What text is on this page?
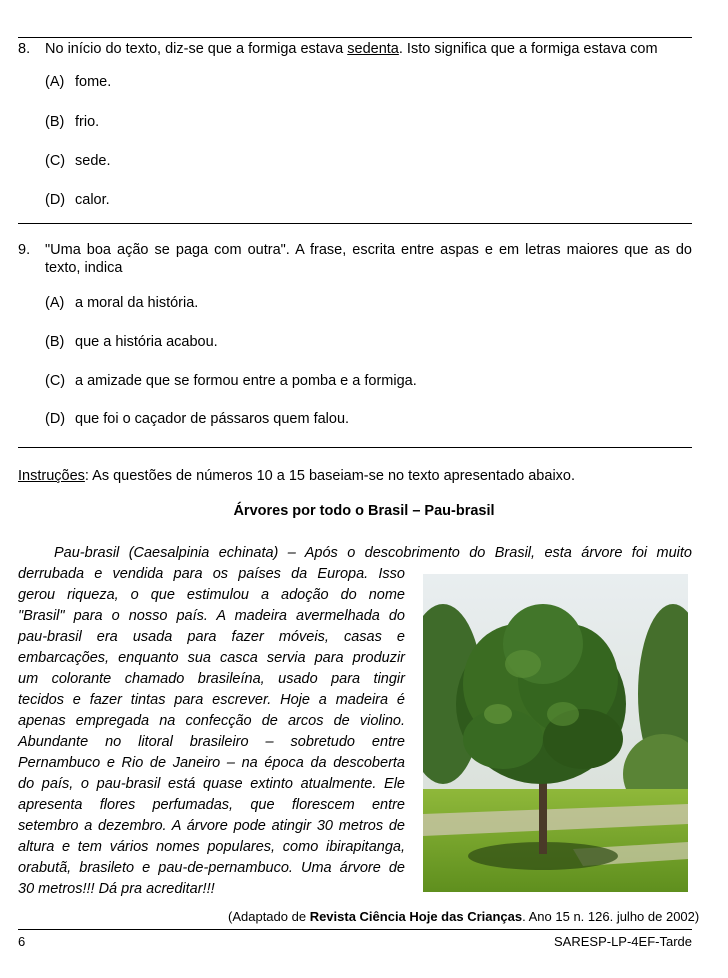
8. No início do texto, diz-se que a formiga estava sedenta. Isto significa que a formiga estava com
(A) fome.
(B) frio.
(C) sede.
(D) calor.
9. "Uma boa ação se paga com outra". A frase, escrita entre aspas e em letras maiores que as do
texto, indica
(A) a moral da história.
(B) que a história acabou.
(C) a amizade que se formou entre a pomba e a formiga.
(D) que foi o caçador de pássaros quem falou.
Instruções: As questões de números 10 a 15 baseiam-se no texto apresentado abaixo.
Árvores por todo o Brasil – Pau-brasil
Pau-brasil (Caesalpinia echinata) – Após o descobrimento do Brasil, esta árvore foi muito
derrubada e vendida para os países da Europa. Isso
gerou riqueza, o que estimulou a adoção do nome
"Brasil" para o nosso país. A madeira avermelhada do
pau-brasil era usada para fazer móveis, casas e
embarcações, enquanto sua casca servia para produzir
um colorante chamado brasileína, usado para tingir
tecidos e fazer tintas para escrever. Hoje a madeira é
apenas empregada na confecção de arcos de violino.
Abundante no litoral brasileiro – sobretudo entre
Pernambuco e Rio de Janeiro – na época da descoberta
do país, o pau-brasil está quase extinto atualmente. Ele
apresenta flores perfumadas, que florescem entre
setembro a dezembro. A árvore pode atingir 30 metros de
altura e tem vários nomes populares, como ibirapitanga,
orabutã, brasileto e pau-de-pernambuco. Uma árvore de
30 metros!!! Dá pra acreditar!!!
(Adaptado de Revista Ciência Hoje das Crianças. Ano 15 n. 126. julho de 2002)
6	SARESP-LP-4EF-Tarde
